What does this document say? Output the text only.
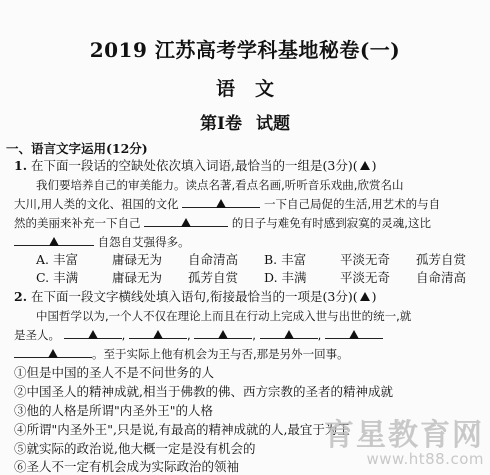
2019 江苏高考学科基地秘卷(一)
语文
第Ⅰ卷 试题
一、语言文字运用(12分)
1. 在下面一段话的空缺处依次填入词语,最恰当的一组是(3分)( )
我们要培养自己的审美能力。读点名著,看点名画,听听音乐戏曲,欣赏名山
大川,用人类的文化、祖国的文化	一下自己局促的生活,用艺术的与自
然的美丽来补充一下自己	的日子与难免有时感到寂寞的灵魂,这比
自怨自艾强得多。
A. 丰富	庸碌无为 自命清高 B. 丰富	平淡无奇 孤芳自赏
C. 丰满	庸碌无为 孤芳自赏 D. 丰满	平淡无奇 自命清高
2. 在下面一段文字横线处填入语句,衔接最恰当的一项是(3分)( )
中国哲学以为,一个人不仅在理论上而且在行动上完成入世与出世的统一,就
是圣人。	,	,	,	,
。至于实际上他有机会为王与否,那是另外一回事。
①但是中国的圣人不是不问世务的人
②中国圣人的精神成就,相当于佛教的佛、西方宗教的圣者的精神成就
③他的人格是所谓"内圣外王"的人格
④所谓"内圣外王",只是说,有最高的精神成就的人,最宜于为王
⑤就实际的政治说,他大概一定是没有机会的
⑥圣人不一定有机会成为实际政治的领袖
育星教育网
www.ht88.com
